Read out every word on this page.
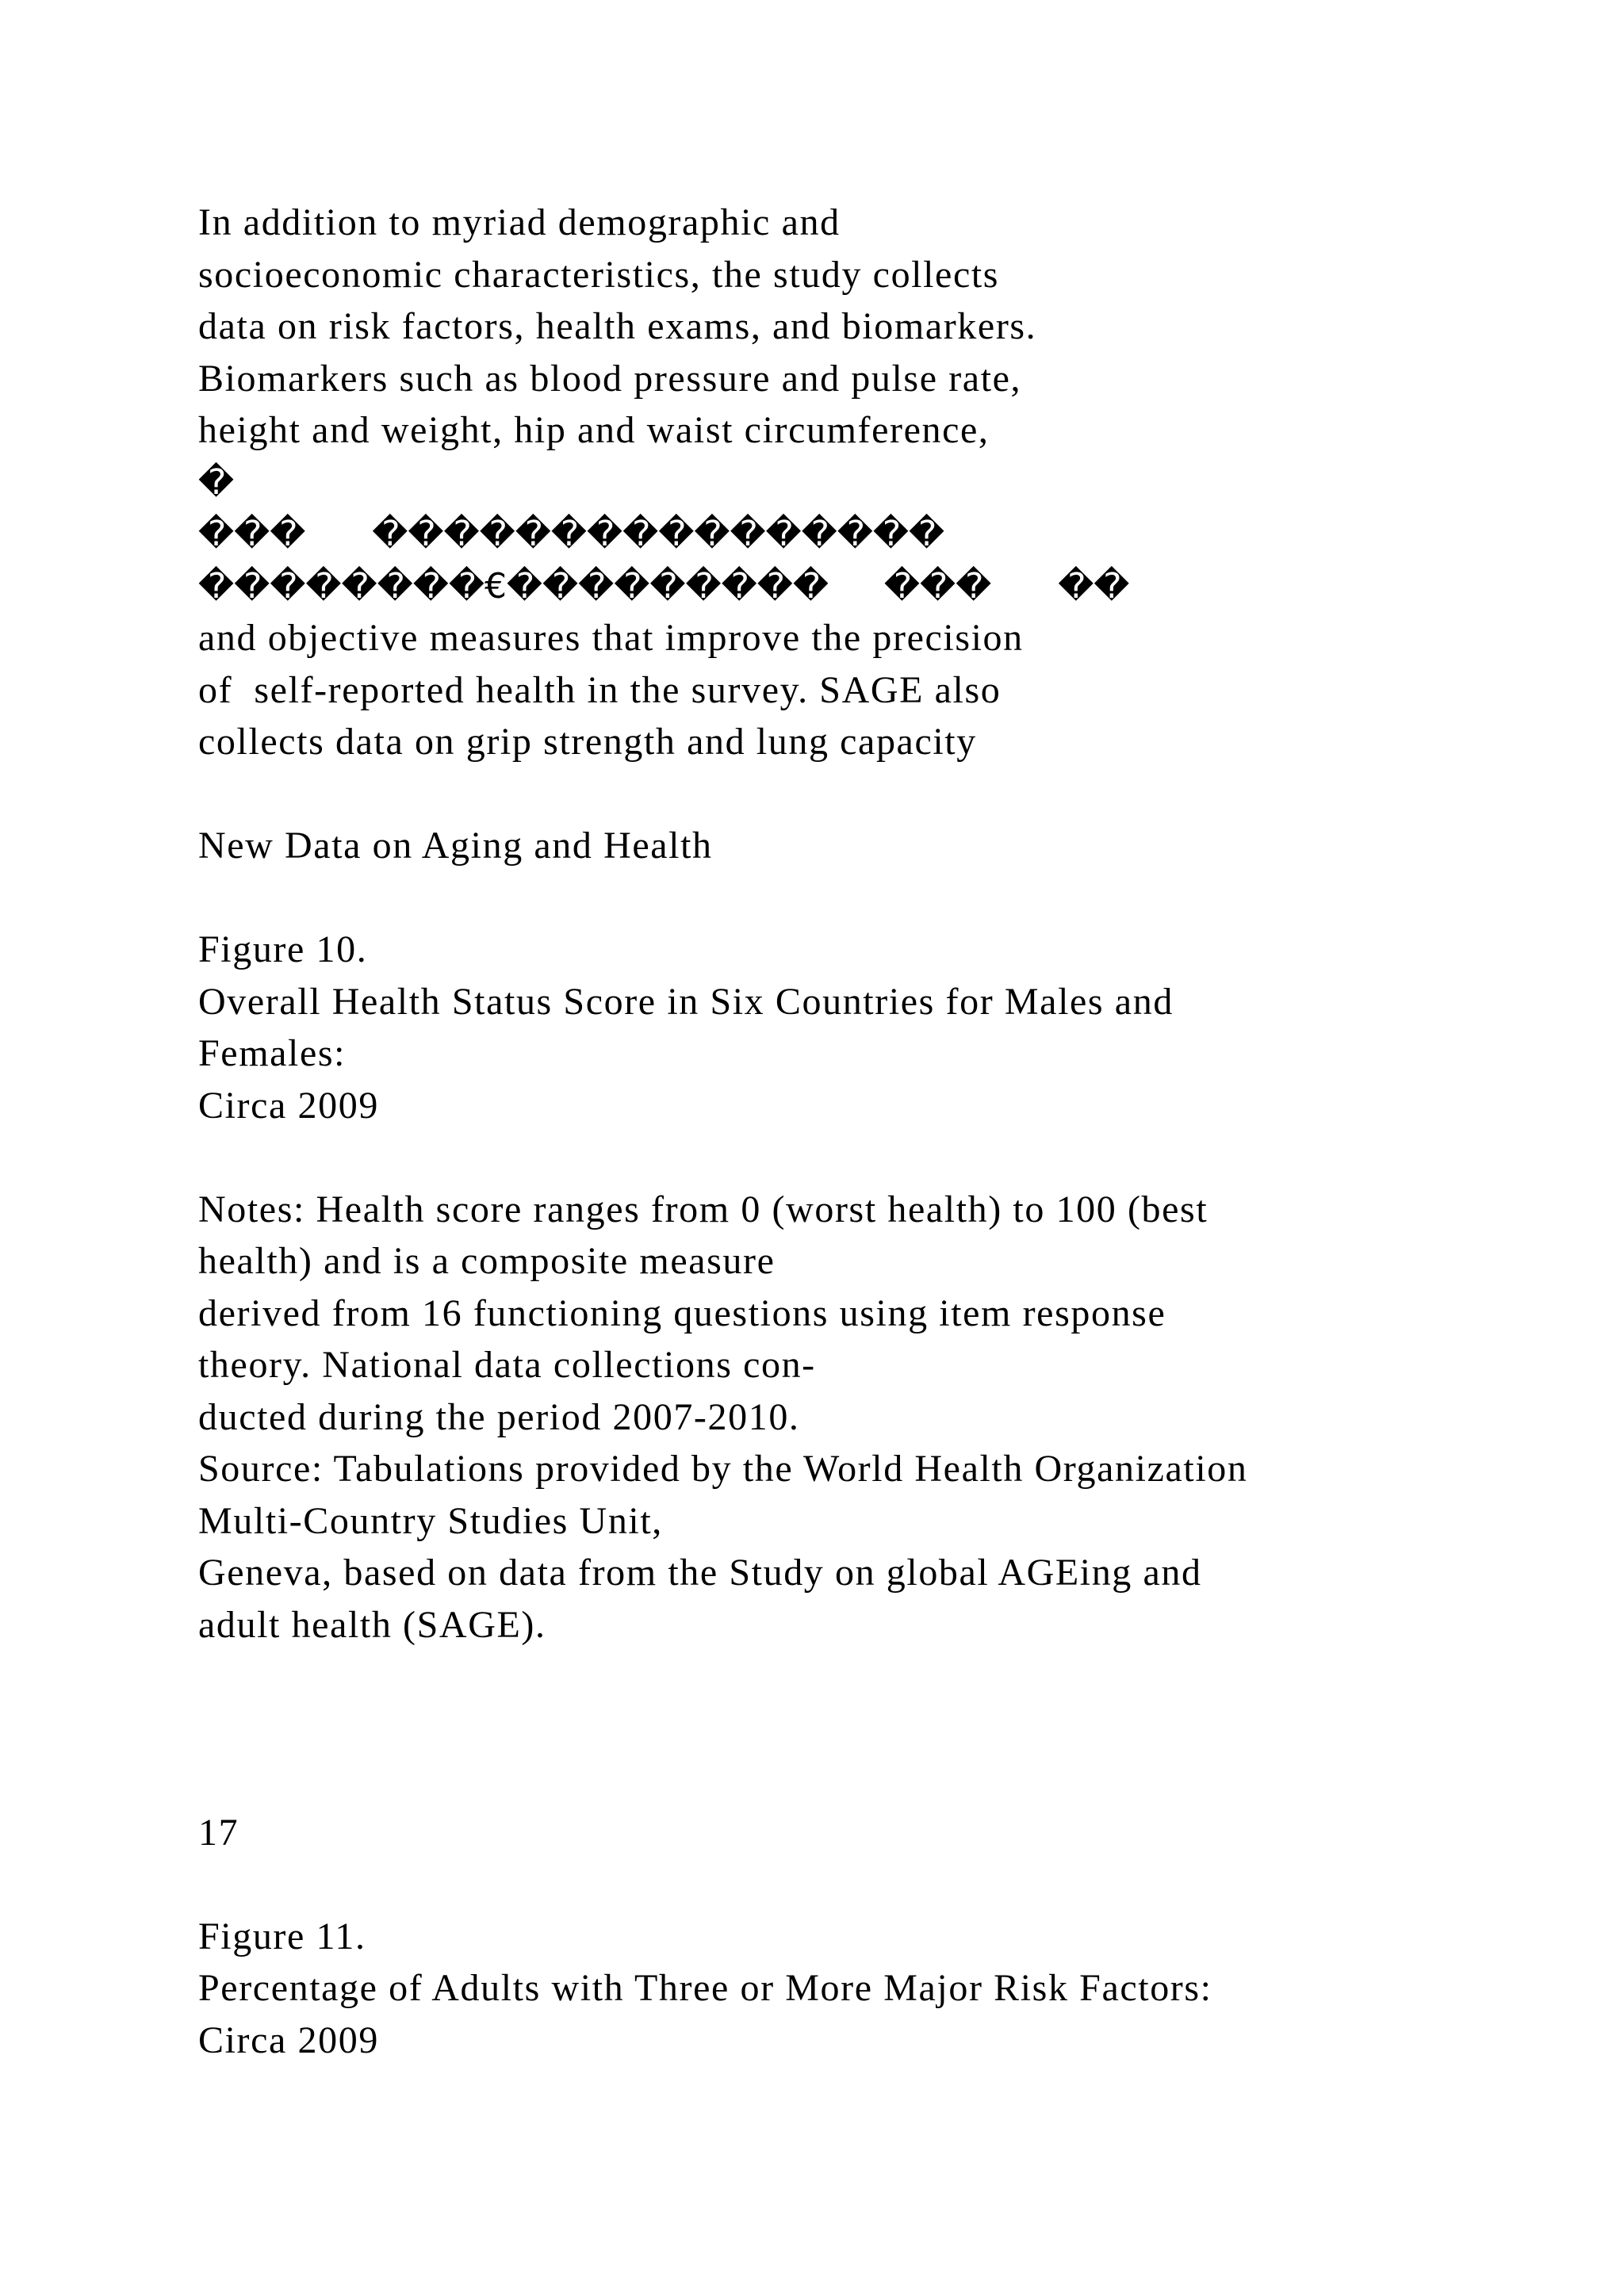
In addition to myriad demographic and
socioeconomic characteristics, the study collects
data on risk factors, health exams, and biomarkers.
Biomarkers such as blood pressure and pulse rate,
height and weight, hip and waist circumference,
�
���      ����������������
��������€���������     ���      ��
and objective measures that improve the precision
of  self-reported health in the survey. SAGE also
collects data on grip strength and lung capacity
New Data on Aging and Health
Figure 10.
Overall Health Status Score in Six Countries for Males and
Females:
Circa 2009
Notes: Health score ranges from 0 (worst health) to 100 (best
health) and is a composite measure
derived from 16 functioning questions using item response
theory. National data collections con-
ducted during the period 2007-2010.
Source: Tabulations provided by the World Health Organization
Multi-Country Studies Unit,
Geneva, based on data from the Study on global AGEing and
adult health (SAGE).
17
Figure 11.
Percentage of Adults with Three or More Major Risk Factors:
Circa 2009
